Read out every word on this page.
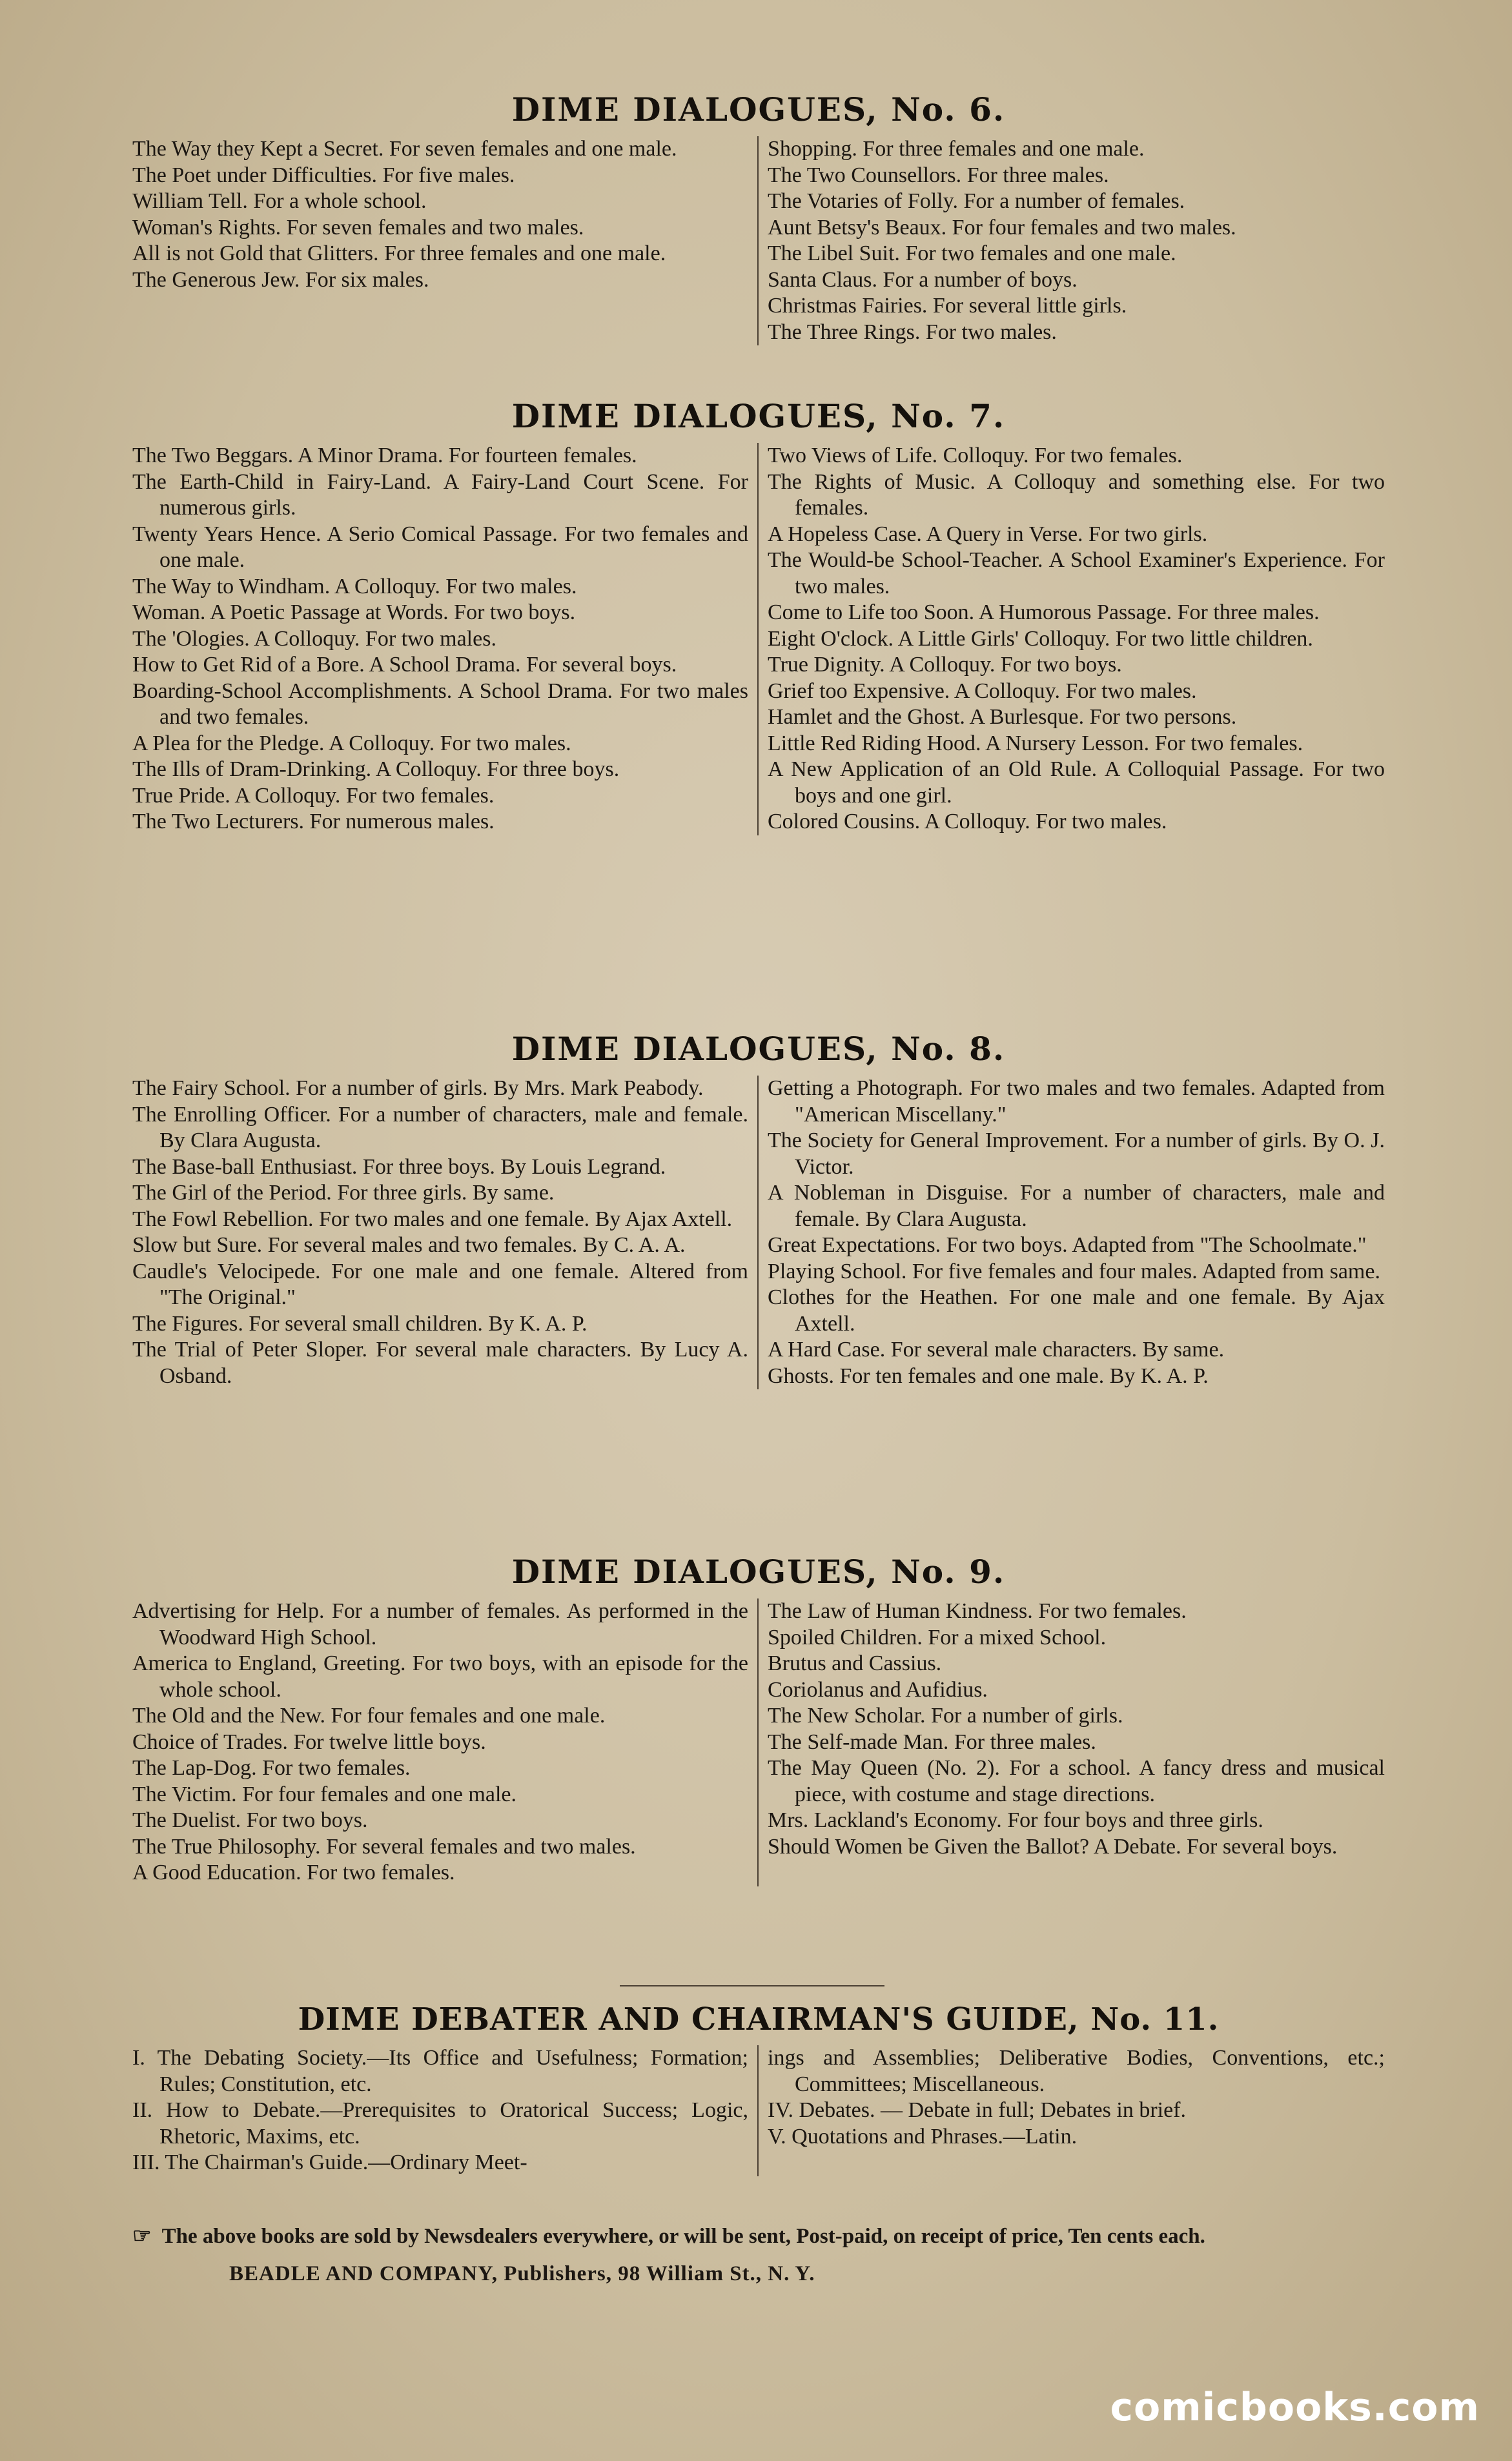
DIME DIALOGUES, No. 6.
The Way they Kept a Secret. For seven females and one male.
The Poet under Difficulties. For five males.
William Tell. For a whole school.
Woman's Rights. For seven females and two males.
All is not Gold that Glitters. For three females and one male.
The Generous Jew. For six males.
Shopping. For three females and one male.
The Two Counsellors. For three males.
The Votaries of Folly. For a number of females.
Aunt Betsy's Beaux. For four females and two males.
The Libel Suit. For two females and one male.
Santa Claus. For a number of boys.
Christmas Fairies. For several little girls.
The Three Rings. For two males.
DIME DIALOGUES, No. 7.
The Two Beggars. A Minor Drama. For fourteen females.
The Earth-Child in Fairy-Land. A Fairy-Land Court Scene. For numerous girls.
Twenty Years Hence. A Serio Comical Passage. For two females and one male.
The Way to Windham. A Colloquy. For two males.
Woman. A Poetic Passage at Words. For two boys.
The 'Ologies. A Colloquy. For two males.
How to Get Rid of a Bore. A School Drama. For several boys.
Boarding-School Accomplishments. A School Drama. For two males and two females.
A Plea for the Pledge. A Colloquy. For two males.
The Ills of Dram-Drinking. A Colloquy. For three boys.
True Pride. A Colloquy. For two females.
The Two Lecturers. For numerous males.
Two Views of Life. Colloquy. For two females.
The Rights of Music. A Colloquy and something else. For two females.
A Hopeless Case. A Query in Verse. For two girls.
The Would-be School-Teacher. A School Examiner's Experience. For two males.
Come to Life too Soon. A Humorous Passage. For three males.
Eight O'clock. A Little Girls' Colloquy. For two little children.
True Dignity. A Colloquy. For two boys.
Grief too Expensive. A Colloquy. For two males.
Hamlet and the Ghost. A Burlesque. For two persons.
Little Red Riding Hood. A Nursery Lesson. For two females.
A New Application of an Old Rule. A Colloquial Passage. For two boys and one girl.
Colored Cousins. A Colloquy. For two males.
DIME DIALOGUES, No. 8.
The Fairy School. For a number of girls. By Mrs. Mark Peabody.
The Enrolling Officer. For a number of characters, male and female. By Clara Augusta.
The Base-ball Enthusiast. For three boys. By Louis Legrand.
The Girl of the Period. For three girls. By same.
The Fowl Rebellion. For two males and one female. By Ajax Axtell.
Slow but Sure. For several males and two females. By C. A. A.
Caudle's Velocipede. For one male and one female. Altered from "The Original."
The Figures. For several small children. By K. A. P.
The Trial of Peter Sloper. For several male characters. By Lucy A. Osband.
Getting a Photograph. For two males and two females. Adapted from "American Miscellany."
The Society for General Improvement. For a number of girls. By O. J. Victor.
A Nobleman in Disguise. For a number of characters, male and female. By Clara Augusta.
Great Expectations. For two boys. Adapted from "The Schoolmate."
Playing School. For five females and four males. Adapted from same.
Clothes for the Heathen. For one male and one female. By Ajax Axtell.
A Hard Case. For several male characters. By same.
Ghosts. For ten females and one male. By K. A. P.
DIME DIALOGUES, No. 9.
Advertising for Help. For a number of females. As performed in the Woodward High School.
America to England, Greeting. For two boys, with an episode for the whole school.
The Old and the New. For four females and one male.
Choice of Trades. For twelve little boys.
The Lap-Dog. For two females.
The Victim. For four females and one male.
The Duelist. For two boys.
The True Philosophy. For several females and two males.
A Good Education. For two females.
The Law of Human Kindness. For two females.
Spoiled Children. For a mixed School.
Brutus and Cassius.
Coriolanus and Aufidius.
The New Scholar. For a number of girls.
The Self-made Man. For three males.
The May Queen (No. 2). For a school. A fancy dress and musical piece, with costume and stage directions.
Mrs. Lackland's Economy. For four boys and three girls.
Should Women be Given the Ballot? A Debate. For several boys.
DIME DEBATER AND CHAIRMAN'S GUIDE, No. 11.
I. The Debating Society.—Its Office and Usefulness; Formation; Rules; Constitution, etc.
II. How to Debate.—Prerequisites to Oratorical Success; Logic, Rhetoric, Maxims, etc.
III. The Chairman's Guide.—Ordinary Meet-
ings and Assemblies; Deliberative Bodies, Conventions, etc.; Committees; Miscellaneous.
IV. Debates. — Debate in full; Debates in brief.
V. Quotations and Phrases.—Latin.
☞ The above books are sold by Newsdealers everywhere, or will be sent, Post-paid, on receipt of price, Ten cents each. BEADLE AND COMPANY, Publishers, 98 William St., N. Y.
comicbooks.com
